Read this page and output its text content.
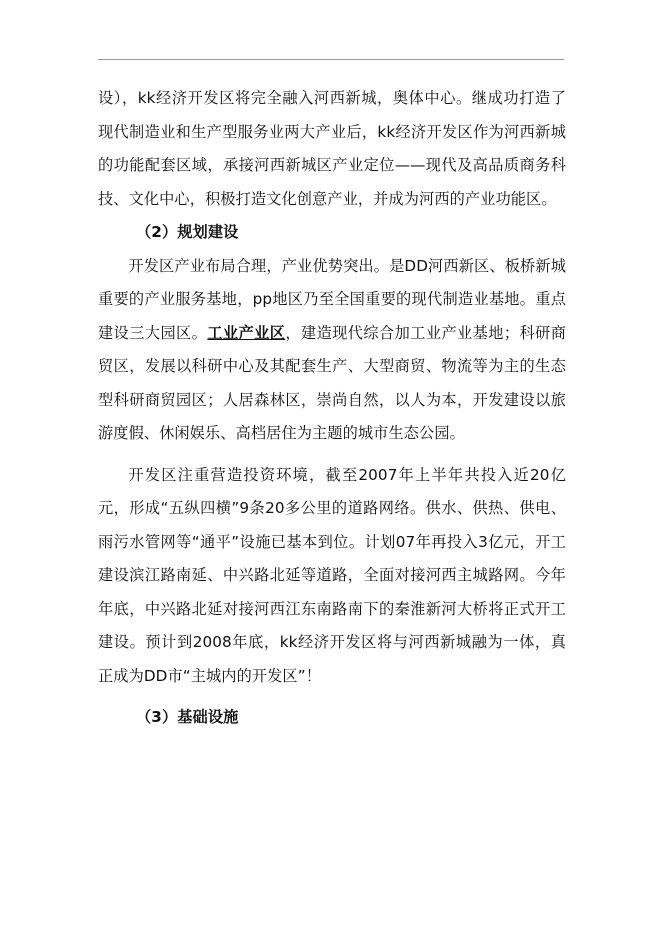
设），kk经济开发区将完全融入河西新城，奥体中心。继成功打造了现代制造业和生产型服务业两大产业后，kk经济开发区作为河西新城的功能配套区域，承接河西新城区产业定位——现代及高品质商务科技、文化中心，积极打造文化创意产业，并成为河西的产业功能区。

（2）规划建设

开发区产业布局合理，产业优势突出。是DD河西新区、板桥新城重要的产业服务基地，pp地区乃至全国重要的现代制造业基地。重点建设三大园区。工业产业区，建造现代综合加工业产业基地；科研商贸区，发展以科研中心及其配套生产、大型商贸、物流等为主的生态型科研商贸园区；人居森林区，崇尚自然，以人为本，开发建设以旅游度假、休闲娱乐、高档居住为主题的城市生态公园。

开发区注重营造投资环境，截至2007年上半年共投入近20亿元，形成“五纵四横”9条20多公里的道路网络。供水、供热、供电、雨污水管网等“通平”设施已基本到位。计划07年再投入3亿元，开工建设滨江路南延、中兴路北延等道路，全面对接河西主城路网。今年年底，中兴路北延对接河西江东南路南下的秦淮新河大桥将正式开工建设。预计到2008年底，kk经济开发区将与河西新城融为一体，真正成为DD市“主城内的开发区”！

（3）基础设施
